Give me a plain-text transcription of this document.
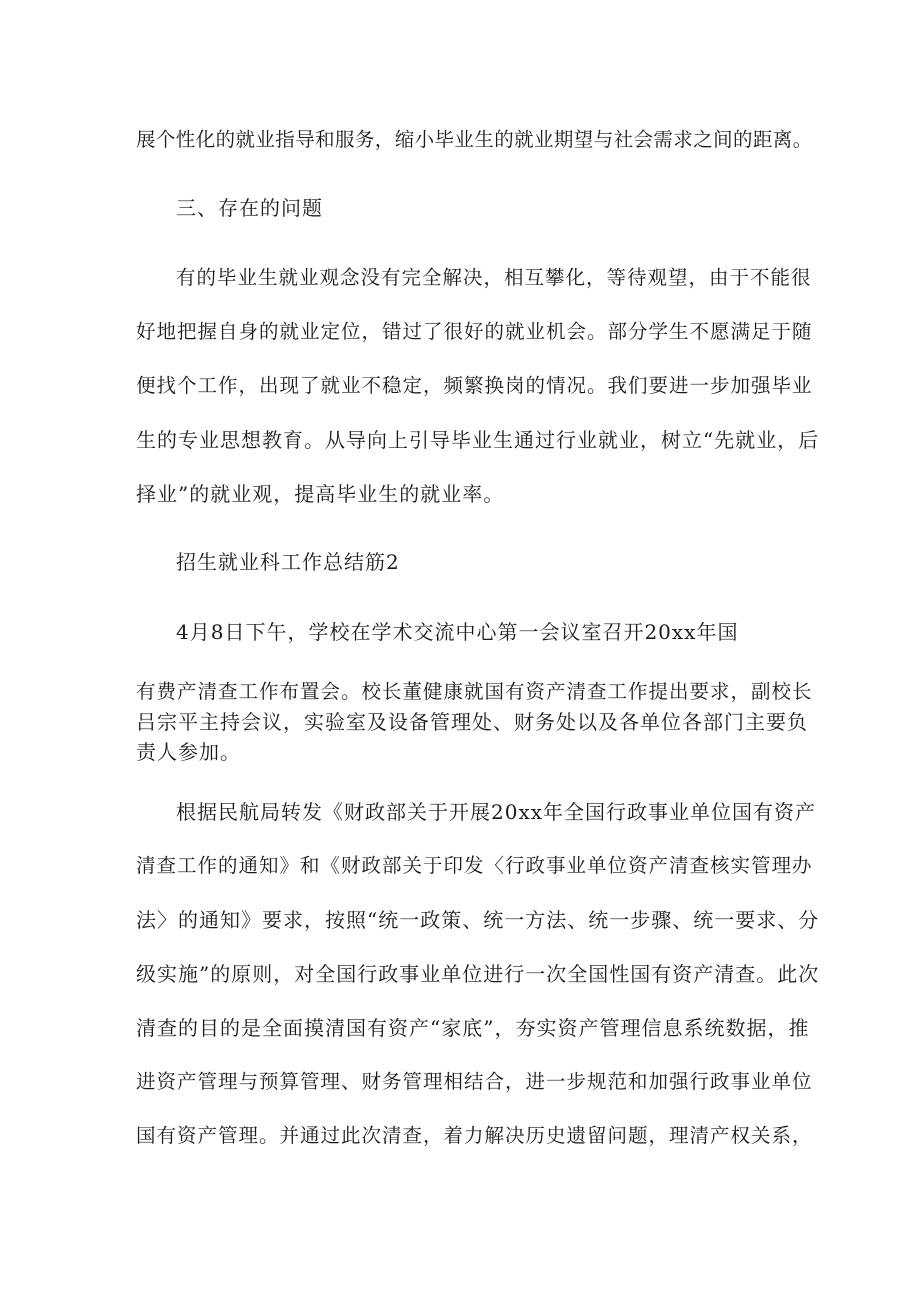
展个性化的就业指导和服务，缩小毕业生的就业期望与社会需求之间的距离。
三、存在的问题
有的毕业生就业观念没有完全解决，相互攀化，等待观望，由于不能很
好地把握自身的就业定位，错过了很好的就业机会。部分学生不愿满足于随
便找个工作，出现了就业不稳定，频繁换岗的情况。我们要进一步加强毕业
生的专业思想教育。从导向上引导毕业生通过行业就业，树立“先就业，后
择业”的就业观，提高毕业生的就业率。
招生就业科工作总结筋2
4月8日下午，学校在学术交流中心第一会议室召开20xx年国
有费产清查工作布置会。校长董健康就国有资产清查工作提出要求，副校长
吕宗平主持会议，实验室及设备管理处、财务处以及各单位各部门主要负
责人参加。
根据民航局转发《财政部关于开展20xx年全国行政事业单位国有资产
清查工作的通知》和《财政部关于印发〈行政事业单位资产清查核实管理办
法〉的通知》要求，按照“统一政策、统一方法、统一步骤、统一要求、分
级实施”的原则，对全国行政事业单位进行一次全国性国有资产清查。此次
清查的目的是全面摸清国有资产“家底”，夯实资产管理信息系统数据，推
进资产管理与预算管理、财务管理相结合，进一步规范和加强行政事业单位
国有资产管理。并通过此次清查，着力解决历史遗留问题，理清产权关系，
